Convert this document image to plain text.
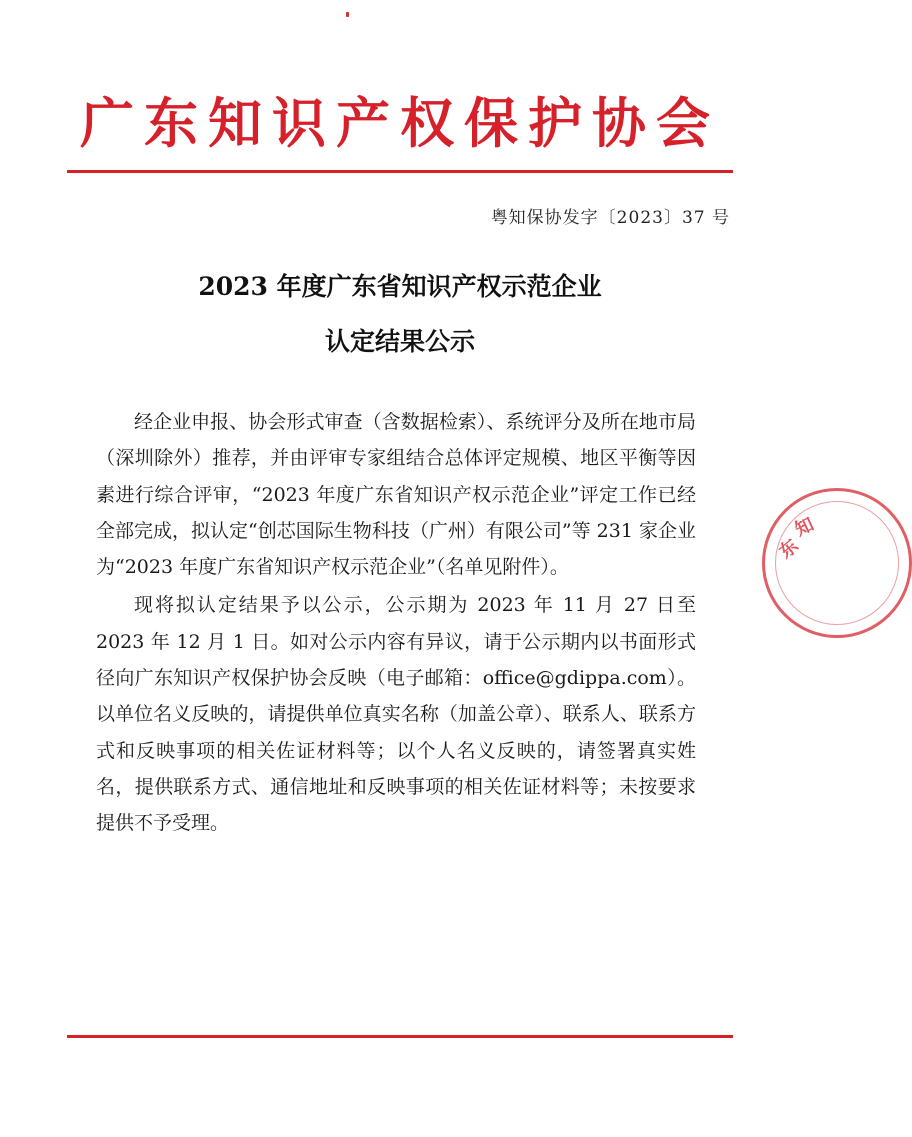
广东知识产权保护协会
粤知保协发字〔2023〕37 号
2023 年度广东省知识产权示范企业
认定结果公示

经企业申报、协会形式审查（含数据检索）、系统评分及所在地市局（深圳除外）推荐，并由评审专家组结合总体评定规模、地区平衡等因素进行综合评审，“2023 年度广东省知识产权示范企业”评定工作已经全部完成，拟认定“创芯国际生物科技（广州）有限公司”等 231 家企业为“2023 年度广东省知识产权示范企业”（名单见附件）。

现将拟认定结果予以公示，公示期为 2023 年 11 月 27 日至 2023 年 12 月 1 日。如对公示内容有异议，请于公示期内以书面形式径向广东知识产权保护协会反映（电子邮箱：office@gdippa.com）。以单位名义反映的，请提供单位真实名称（加盖公章）、联系人、联系方式和反映事项的相关佐证材料等；以个人名义反映的，请签署真实姓名，提供联系方式、通信地址和反映事项的相关佐证材料等；未按要求提供不予受理。

东
知
